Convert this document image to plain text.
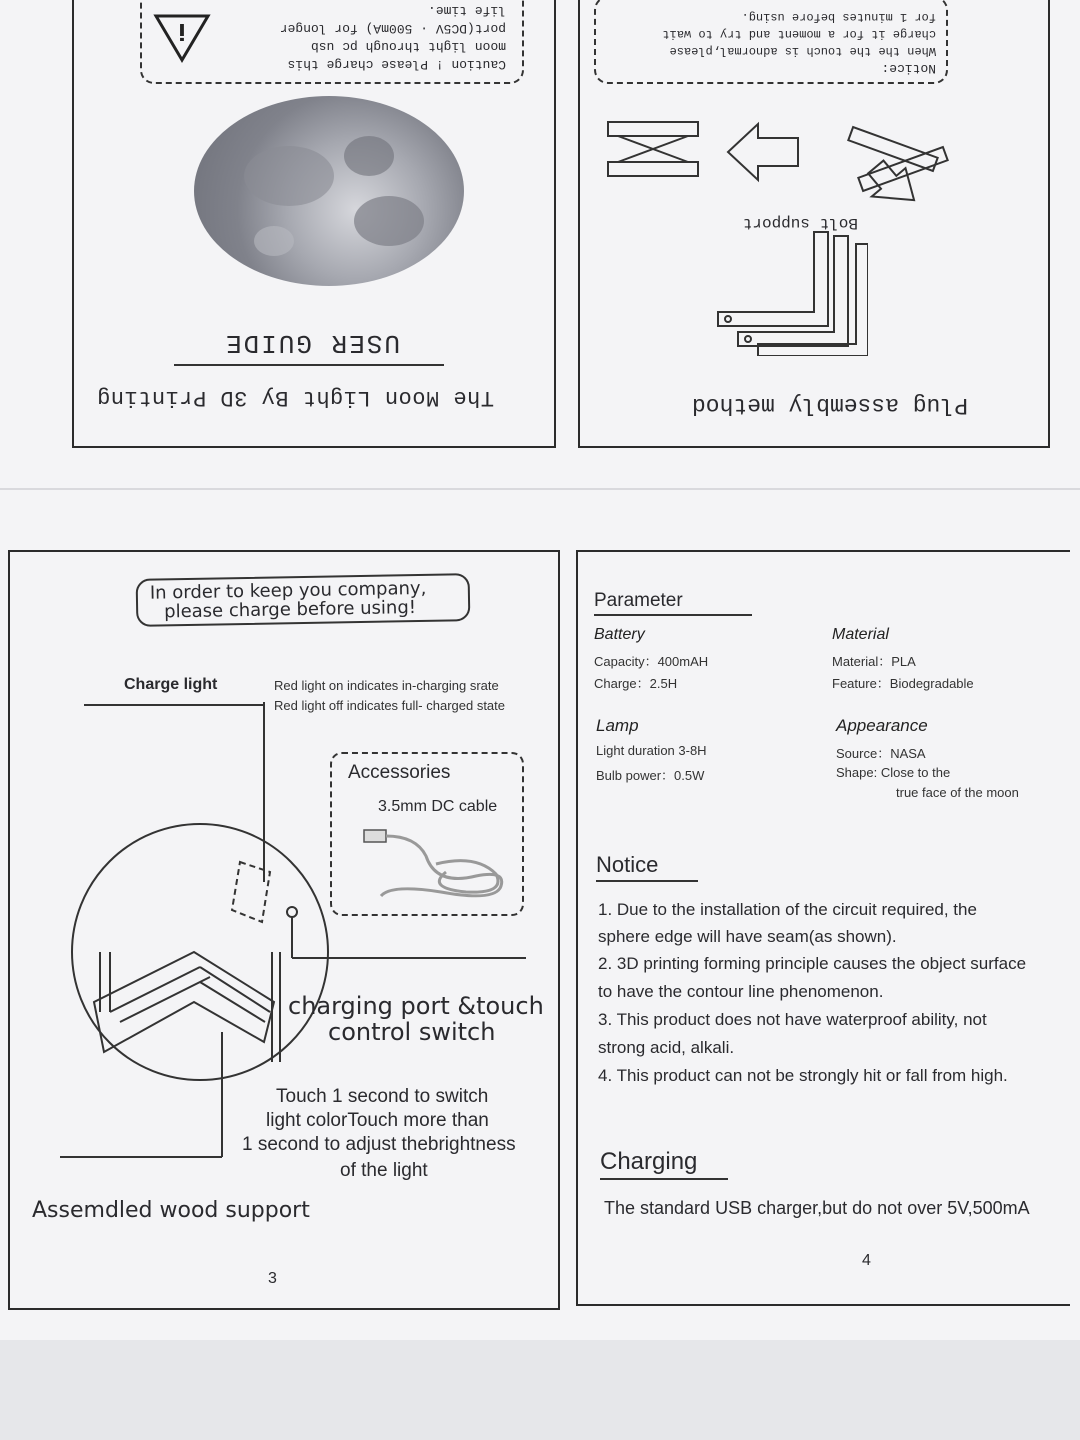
The Moon Light By 3D Printing
USER GUIDE
Caution ! Please charge this
moon light through pc usb
port(DC5V · 500mA) for longer
life time.
i
Plug assembly method
Bolt support
Notice:
When the the touch is adnormal,please
charge it for a moment and try to wait
for 1 minutes before using.
In order to keep you company,
please charge before using!
Charge light	Red light on indicates in-charging srate
Red light off indicates full- charged state
Accessories
3.5mm DC cable
charging port &touch
control switch
Touch 1 second to switch
light colorTouch more than
1 second to adjust thebrightness
of the light
Assemdled wood support
3
Parameter
Battery
Capacity：400mAH
Charge：2.5H
Material
Material：PLA
Feature：Biodegradable
Lamp
Light duration 3-8H
Bulb power：0.5W
Appearance
Source：NASA
Shape: Close to the
true face of the moon
Notice
1. Due to the installation of the circuit required, the
sphere edge will have seam(as shown).
2. 3D printing forming principle causes the object surface
to have the contour line phenomenon.
3. This product does not have waterproof ability, not
strong acid, alkali.
4. This product can not be strongly hit or fall from high.
Charging
The standard USB charger,but do not over 5V,500mA
4
